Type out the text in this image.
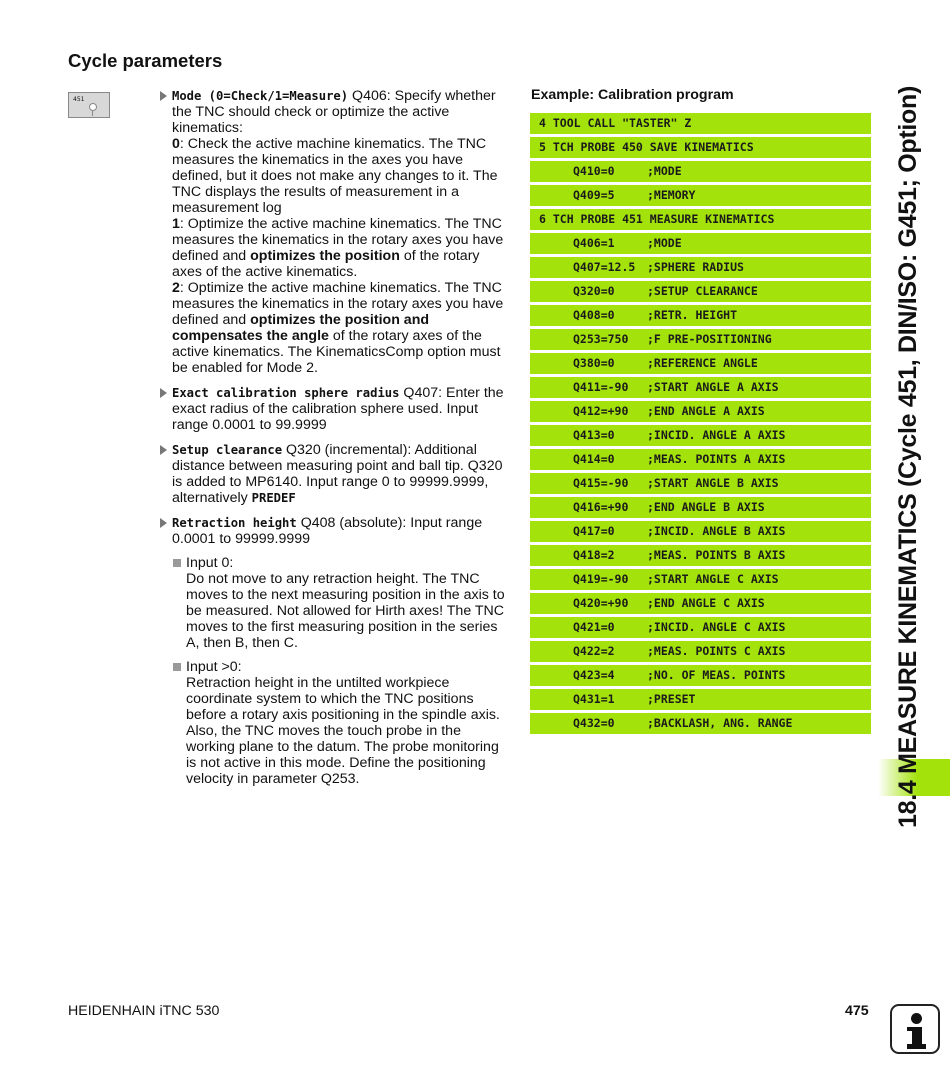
Cycle parameters
451	Mode (0=Check/1=Measure) Q406: Specify whether the TNC should check or optimize the active kinematics:

0: Check the active machine kinematics. The TNC measures the kinematics in the axes you have defined, but it does not make any changes to it. The TNC displays the results of measurement in a measurement log

1: Optimize the active machine kinematics. The TNC measures the kinematics in the rotary axes you have defined and optimizes the position of the rotary axes of the active kinematics.

2: Optimize the active machine kinematics. The TNC measures the kinematics in the rotary axes you have defined and optimizes the position and compensates the angle of the rotary axes of the active kinematics. The KinematicsComp option must be enabled for Mode 2.

Exact calibration sphere radius Q407: Enter the exact radius of the calibration sphere used. Input range 0.0001 to 99.9999

Setup clearance Q320 (incremental): Additional distance between measuring point and ball tip. Q320 is added to MP6140. Input range 0 to 99999.9999, alternatively PREDEF

Retraction height Q408 (absolute): Input range 0.0001 to 99999.9999

Input 0:

Do not move to any retraction height. The TNC moves to the next measuring position in the axis to be measured. Not allowed for Hirth axes! The TNC moves to the first measuring position in the series A, then B, then C.

Input >0:

Retraction height in the untilted workpiece coordinate system to which the TNC positions before a rotary axis positioning in the spindle axis. Also, the TNC moves the touch probe in the working plane to the datum. The probe monitoring is not active in this mode. Define the positioning velocity in parameter Q253.

Example: Calibration program
4 TOOL CALL "TASTER" Z
5 TCH PROBE 450 SAVE KINEMATICS
Q410=0	;MODE
Q409=5	;MEMORY
6 TCH PROBE 451 MEASURE KINEMATICS
Q406=1	;MODE
Q407=12.5 ;SPHERE RADIUS
Q320=0	;SETUP CLEARANCE
Q408=0	;RETR. HEIGHT
Q253=750 ;F PRE-POSITIONING
Q380=0	;REFERENCE ANGLE
Q411=-90 ;START ANGLE A AXIS
Q412=+90 ;END ANGLE A AXIS
Q413=0	;INCID. ANGLE A AXIS
Q414=0	;MEAS. POINTS A AXIS
Q415=-90 ;START ANGLE B AXIS
Q416=+90 ;END ANGLE B AXIS
Q417=0	;INCID. ANGLE B AXIS
Q418=2	;MEAS. POINTS B AXIS
Q419=-90 ;START ANGLE C AXIS
Q420=+90 ;END ANGLE C AXIS
Q421=0	;INCID. ANGLE C AXIS
Q422=2	;MEAS. POINTS C AXIS
Q423=4	;NO. OF MEAS. POINTS
Q431=1	;PRESET
Q432=0	;BACKLASH, ANG. RANGE	18.4 MEASURE KINEMATICS (Cycle 451, DIN/ISO: G451; Option)
HEIDENHAIN iTNC 530	475
